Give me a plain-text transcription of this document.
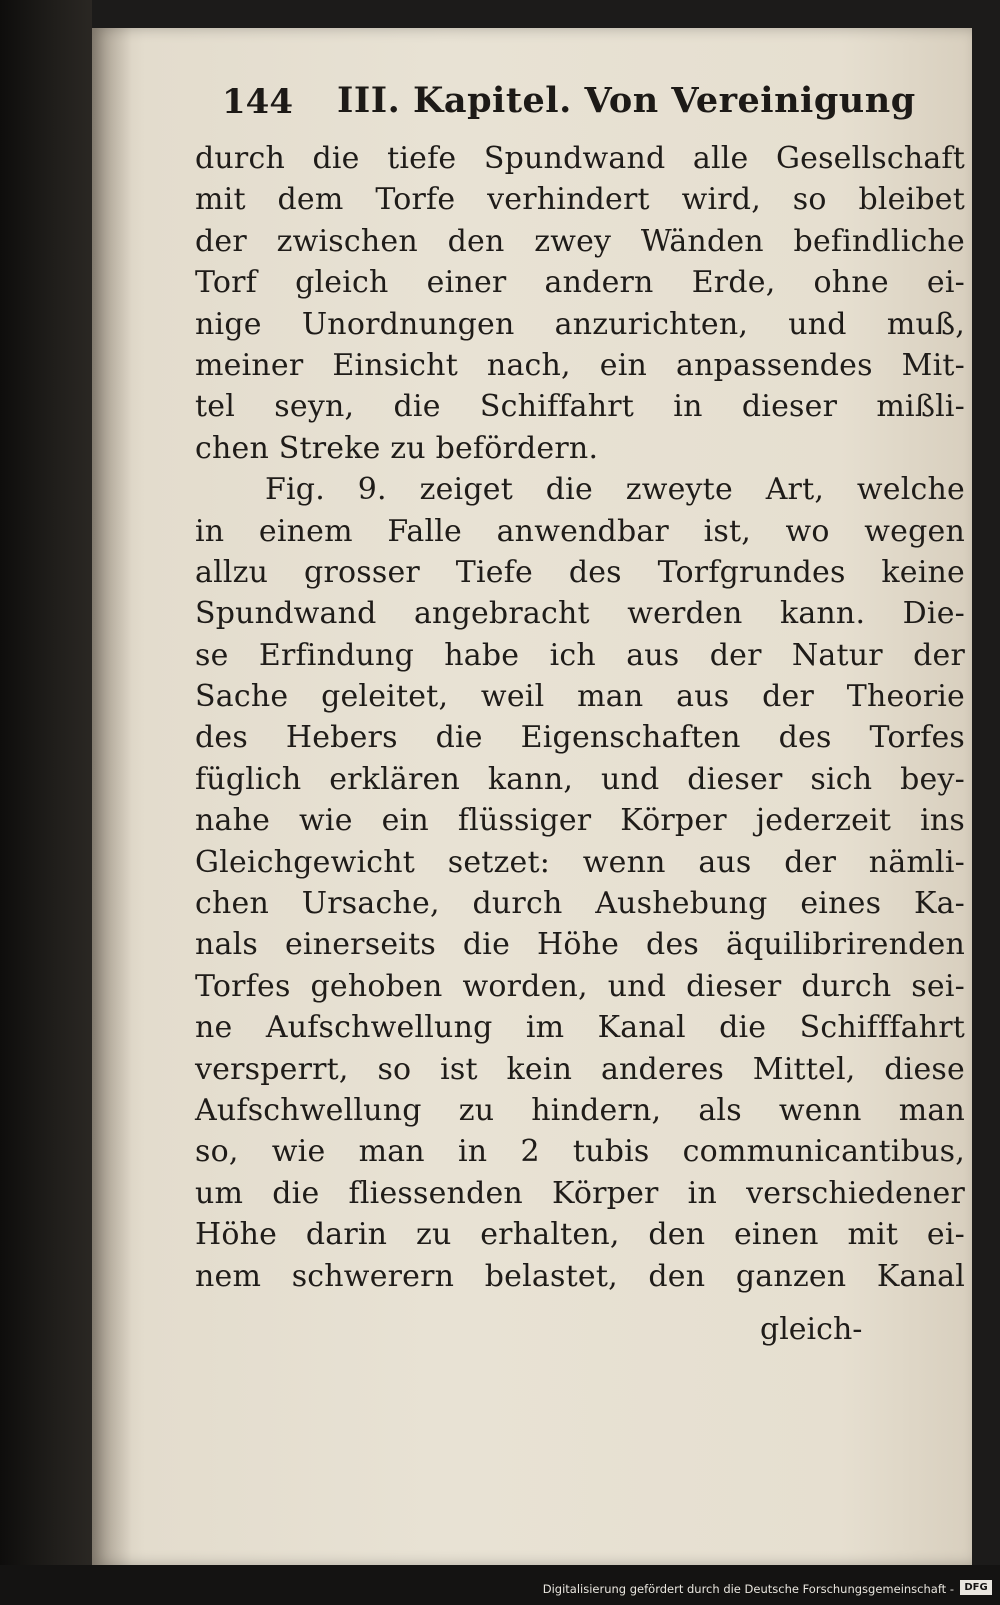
144 III. Kapitel. Von Vereinigung
durch die tiefe Spundwand alle Gesellschaft
mit dem Torfe verhindert wird, so bleibet
der zwischen den zwey Wänden befindliche
Torf gleich einer andern Erde, ohne ei-
nige Unordnungen anzurichten, und muß,
meiner Einsicht nach, ein anpassendes Mit-
tel seyn, die Schiffahrt in dieser mißli-
chen Streke zu befördern.
Fig. 9. zeiget die zweyte Art, welche
in einem Falle anwendbar ist, wo wegen
allzu grosser Tiefe des Torfgrundes keine
Spundwand angebracht werden kann. Die-
se Erfindung habe ich aus der Natur der
Sache geleitet, weil man aus der Theorie
des Hebers die Eigenschaften des Torfes
füglich erklären kann, und dieser sich bey-
nahe wie ein flüssiger Körper jederzeit ins
Gleichgewicht setzet: wenn aus der nämli-
chen Ursache, durch Aushebung eines Ka-
nals einerseits die Höhe des äquilibrirenden
Torfes gehoben worden, und dieser durch sei-
ne Aufschwellung im Kanal die Schifffahrt
versperrt, so ist kein anderes Mittel, diese
Aufschwellung zu hindern, als wenn man
so, wie man in 2 tubis communicantibus,
um die fliessenden Körper in verschiedener
Höhe darin zu erhalten, den einen mit ei-
nem schwerern belastet, den ganzen Kanal
gleich-
Digitalisierung gefördert durch die Deutsche Forschungsgemeinschaft -	DFG
